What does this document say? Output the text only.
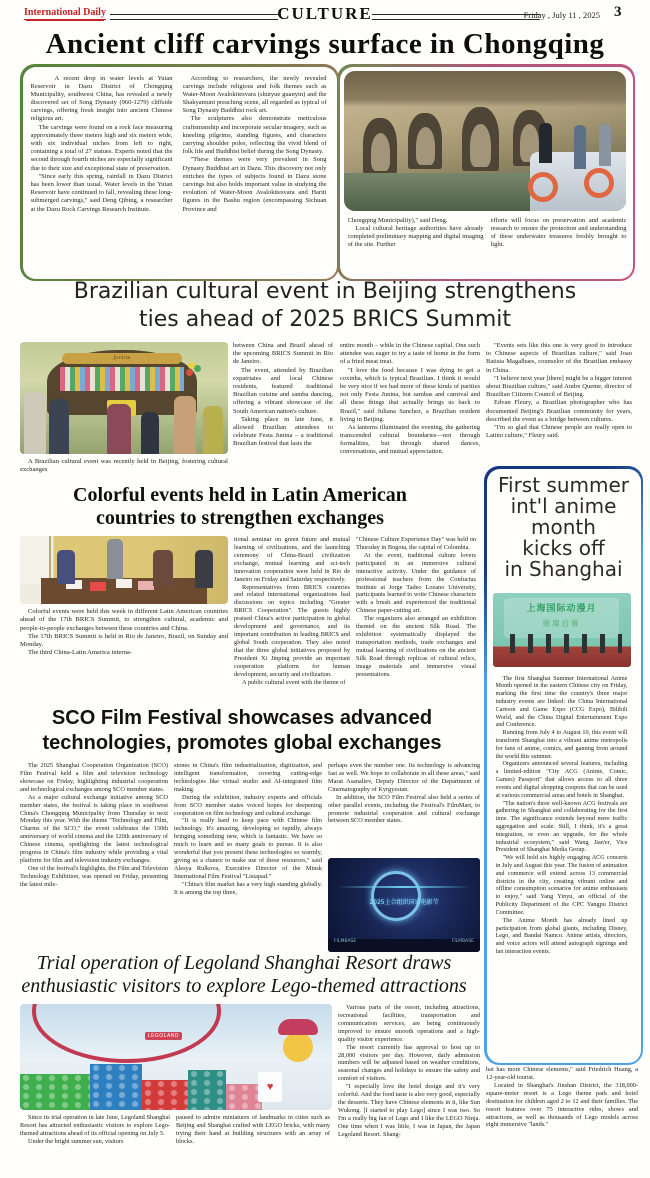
International Daily	CULTURE	Friday , July 11 , 2025 3
Ancient cliff carvings surface in Chongqing

A recent drop in water levels at Yutan Reservoir in Dazu District of Chongqing Municipality, southwest China, has revealed a newly discovered set of Song Dynasty (960-1279) cliffside carvings, offering fresh insight into ancient Chinese religious art.

The carvings were found on a rock face measuring approximately three meters high and six meters wide, with six individual niches from left to right, containing a total of 27 statues. Experts noted that the second through fourth niches are especially significant due to their size and exceptional state of preservation.

"Since early this spring, rainfall in Dazu District has been lower than usual. Water levels in the Yutan Reservoir have continued to fall, revealing these long-submerged carvings," said Deng Qibing, a researcher at the Dazu Rock Carvings Research Institute.

According to researchers, the newly revealed carvings include religious and folk themes such as Water-Moon Avalokitesvara (shuiyue guanyin) and the Shakyamuni preaching scene, all regarded as typical of Song Dynasty Buddhist rock art.

The sculptures also demonstrate meticulous craftsmanship and incorporate secular imagery, such as kneeling pilgrims, standing figures, and characters carrying shoulder poles, reflecting the vivid blend of folk life and Buddhist belief during the Song Dynasty.

"These themes were very prevalent in Song Dynasty Buddhist art in Dazu. This discovery not only enriches the types of subjects found in Dazu stone carvings but also holds important value in studying the evolution of Water-Moon Avalokitesvara and Hariti figures in the Bashu region (encompassing Sichuan Province and

Chongqing Municipality)," said Deng.

Local cultural heritage authorities have already completed preliminary mapping and digital imaging of the site. Further

efforts will focus on preservation and academic research to ensure the protection and understanding of these underwater treasures freshly brought to light.

Brazilian cultural event in Beijing strengthens
ties ahead of 2025 BRICS Summit
Junina

A Brazilian cultural event was recently held in Beijing, fostering cultural exchanges

between China and Brazil ahead of the upcoming BRICS Summit in Rio de Janeiro.

The event, attended by Brazilian expatriates and local Chinese residents, featured traditional Brazilian cuisine and samba dancing, offering a vibrant showcase of the South American nation's culture.

Taking place in late June, it allowed Brazilian attendees to celebrate Festa Junina – a traditional Brazilian festival that lasts the

entire month – while in the Chinese capital. One such attendee was eager to try a taste of home in the form of a fried meat treat.

"I love the food because I was dying to get a coxinha, which is typical Brazilian. I think it would be very nice if we had more of these kinds of parities not only Festa Junina, but sambas and carnival and all these things that actually brings us back to Brazil," said Juliana Sanchez, a Brazilian resident living in Beijing.

As lanterns illuminated the evening, the gathering transcended cultural boundaries—not through formalities, but through shared dances, conversations, and mutual appreciation.

"Events sets like this one is very good to introduce to Chinese aspects of Brazilian culture," said Joao Batista Magalhaes, counselor of the Brazilian embassy in China.

"I believe next year [there] might be a bigger interest about Brazilian culture," said Andre Queme, director of Brazilian Citizens Council of Beijing.

Edvan Fleury, a Brazilian photographer who has documented Beijing's Brazilian community for years, described the event as a bridge between cultures.

"I'm so glad that Chinese people are really open to Latino culture," Fleury said.

Colorful events held in Latin American
countries to strengthen exchanges

Colorful events were held this week in different Latin American countries ahead of the 17th BRICS Summit, to strengthen cultural, academic and people-to-people exchanges between these countries and China.

The 17th BRICS Summit is held in Rio de Janeiro, Brazil, on Sunday and Monday.

The third China-Latin America interna-

tional seminar on green future and mutual learning of civilizations, and the launching ceremony of China-Brazil civilization exchange, mutual learning and sci-tech innovation cooperation were held in Rio de Janeiro on Friday and Saturday respectively.

Representatives from BRICS countries and related international organizations had discussions on topics including "Greater BRICS Cooperation". The guests highly praised China's active participation in global development and governance, and its important contribution in leading BRICS and global South cooperation. They also noted that the three global initiatives proposed by President Xi Jinping provide an important cooperation platform for human development, security and civilization.

A public cultural event with the theme of

"Chinese Culture Experience Day" was held on Thursday in Bogota, the capital of Colombia.

At the event, traditional culture lovers participated in an immersive cultural interactive activity. Under the guidance of professional teachers from the Confucius Institute at Jorge Tadeo Lozano University, participants learned to write Chinese characters with a brush and experienced the traditional Chinese paper-cutting art.

The organizers also arranged an exhibition themed on the ancient Silk Road. The exhibition systematically displayed the transportation methods, trade exchanges and mutual learning of civilizations on the ancient Silk Road through replicas of cultural relics, image materials and immersive visual presentations.

First summer
int'l anime
month
kicks off
in Shanghai
上海国际动漫月
璀璨启幕

The first Shanghai Summer International Anime Month opened in the eastern Chinese city on Friday, marking the first time the country's three major industry events are linked: the China International Cartoon and Game Expo (CCG Expo), Bilibili World, and the China Digital Entertainment Expo and Conference.

Running from July 4 to August 10, this event will transform Shanghai into a vibrant anime metropolis for fans of anime, comics, and gaming from around the world this summer.

Organizers announced several features, including a limited-edition "City ACG (Anime, Comic, Games) Passport" that allows access to all three events and digital shopping coupons that can be used at various commercial areas and hotels in Shanghai.

"The nation's three well-known ACG festivals are gathering in Shanghai and collaborating for the first time. The significance extends beyond mere traffic aggregation and scale. Still, I think, it's a great integration, or even an upgrade, for the whole industrial ecosystem," said Wang Jian'er, Vice President of Shanghai Media Group.

"We will hold six highly engaging ACG concerts in July and August this year. The fusion of animation and commerce will extend across 13 commercial districts in the city, creating vibrant online and offline consumption scenarios for anime enthusiasts to enjoy," said Yang Yinyu, an official of the Publicity Department of the CPC Yangpu District Committee.

The Anime Month has already lined up participation from global giants, including Disney, Lego, and Bandai Namco. Anime artists, directors, and voice actors will attend autograph signings and fan interaction events.

SCO Film Festival showcases advanced
technologies, promotes global exchanges

The 2025 Shanghai Cooperation Organization (SCO) Film Festival held a film and television technology showcase on Friday, highlighting industrial cooperation and technological exchanges among SCO member states.

As a major cultural exchange initiative among SCO member states, the festival is taking place in southwest China's Chongqing Municipality from Thursday to next Monday this year. With the theme "Technology and Film, Charms of the SCO," the event celebrates the 130th anniversary of world cinema and the 120th anniversary of Chinese cinema, spotlighting the latest technological progress in China's film industry while providing a vital platform for film and television industry exchanges.

One of the festival's highlights, the Film and Television Technology Exhibition, was opened on Friday, presenting the latest mile-

stones in China's film industrialization, digitization, and intelligent transformation, covering cutting-edge technologies like virtual studio and AI-integrated film making.

During the exhibition, industry experts and officials from SCO member states voiced hopes for deepening cooperation on film technology and cultural exchange.

"It is really hard to keep pace with Chinese film technology. It's amazing, developing so rapidly, always bringing something new, which is fantastic. We have so much to learn and so many goals to pursue. It is also wonderful that you present these technologies so warmly, giving us a chance to make use of these resources," said Alesya Rulkova, Executive Director of the Minsk International Film Festival "Listapad."

"China's film market has a very high standing globally. It is among the top three,

perhaps even the number one. Its technology is advancing fast as well. We hope to collaborate in all these areas," said Marat Asanaliev, Deputy Director of the Department of Cinematography of Kyrgyzstan.

In addition, the SCO Film Festival also held a series of other parallel events, including the Festival's FilmMart, to promote industrial cooperation and cultural exchange between SCO member states.

2025上合组织国家电影节
FILMBASE	FILMBASE
Trial operation of Legoland Shanghai Resort draws
enthusiastic visitors to explore Lego-themed attractions
LEGOLAND
♥

Since its trial operation in late June, Legoland Shanghai Resort has attracted enthusiastic visitors to explore Lego-themed attractions ahead of its official opening on July 5.

Under the bright summer sun, visitors

paused to admire miniatures of landmarks in cities such as Beijing and Shanghai crafted with LEGO bricks, with many trying their hand at building structures with an array of blocks.

Various parts of the resort, including attractions, recreational facilities, transportation and communication services, are being continuously improved to ensure smooth operations and a high-quality visitor experience.

The resort currently has approval to host up to 28,000 visitors per day. However, daily admission numbers will be adjusted based on weather conditions, seasonal changes and holidays to ensure the safety and comfort of visitors.

"I especially love the hotel design and it's very colorful. And the food taste is also very good, especially the desserts. They have Chinese elements in it, like Sun Wukong. [I started to play Lego] since I was two. So I'm a really big fan of Lego and I like the LEGO Ninja. One time when I was little, I was in Japan, the Japan Legoland Resort. Shang-

hai has more Chinese elements," said Friedrich Huang, a 12-year-old tourist.

Located in Shanghai's Jinshan District, the 318,000-square-meter resort is a Lego theme park and hotel destination for children aged 2 to 12 and their families. The resort features over 75 interactive rides, shows and attractions, as well as thousands of Lego models across eight immersive "lands."
